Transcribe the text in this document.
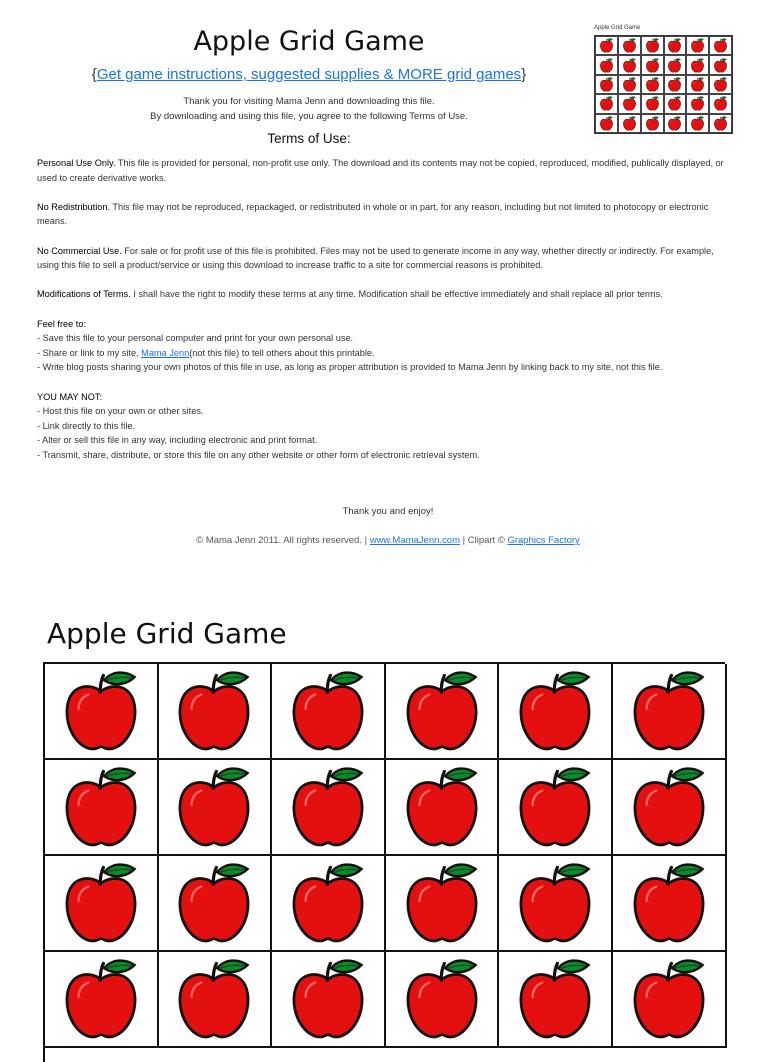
Apple Grid Game
{Get game instructions, suggested supplies & MORE grid games}
Thank you for visiting Mama Jenn and downloading this file.
By downloading and using this file, you agree to the following Terms of Use.
Terms of Use:

Personal Use Only. This file is provided for personal, non-profit use only. The download and its contents may not be copied, reproduced, modified, publically displayed, or used to create derivative works.

No Redistribution. This file may not be reproduced, repackaged, or redistributed in whole or in part, for any reason, including but not limited to photocopy or electronic means.

No Commercial Use. For sale or for profit use of this file is prohibited. Files may not be used to generate income in any way, whether directly or indirectly. For example, using this file to sell a product/service or using this download to increase traffic to a site for commercial reasons is prohibited.

Modifications of Terms. I shall have the right to modify these terms at any time. Modification shall be effective immediately and shall replace all prior terms.

Feel free to:
- Save this file to your personal computer and print for your own personal use.
- Share or link to my site, Mama Jenn(not this file) to tell others about this printable.
- Write blog posts sharing your own photos of this file in use, as long as proper attribution is provided to Mama Jenn by linking back to my site, not this file.
YOU MAY NOT:
- Host this file on your own or other sites.
- Link directly to this file.
- Alter or sell this file in any way, including electronic and print format.
- Transmit, share, distribute, or store this file on any other website or other form of electronic retrieval system.
Thank you and enjoy!
© Mama Jenn 2011. All rights reserved. | www.MamaJenn.com | Clipart © Graphics Factory
Apple Grid Game
Apple Grid Game
